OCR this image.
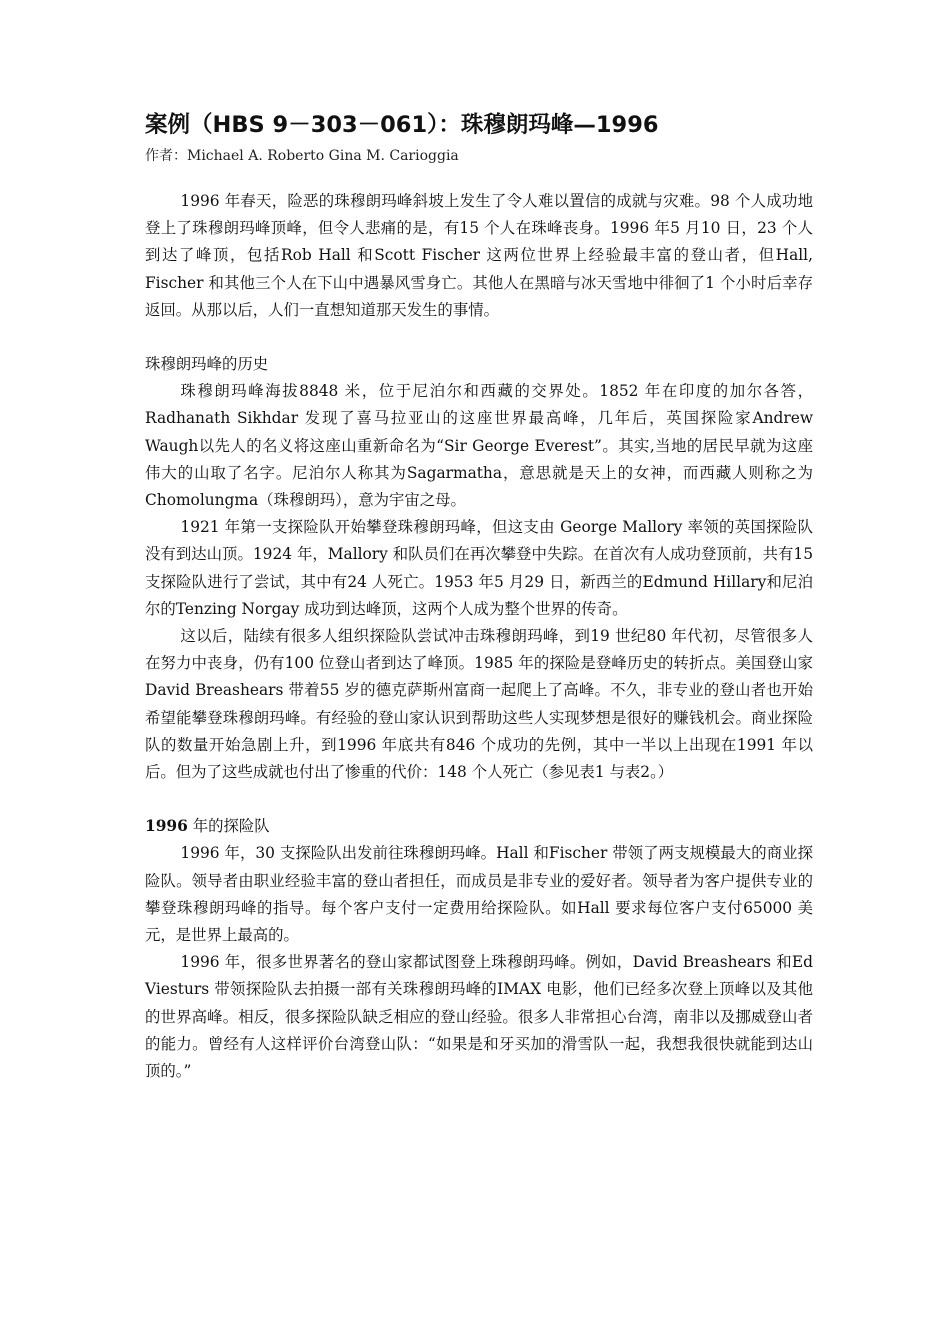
案例（HBS 9－303－061）：珠穆朗玛峰—1996
作者：Michael A. Roberto Gina M. Carioggia

1996 年春天，险恶的珠穆朗玛峰斜坡上发生了令人难以置信的成就与灾难。98 个人成功地登上了珠穆朗玛峰顶峰，但令人悲痛的是，有15 个人在珠峰丧身。1996 年5 月10 日，23 个人到达了峰顶，包括Rob Hall 和Scott Fischer 这两位世界上经验最丰富的登山者，但Hall, Fischer 和其他三个人在下山中遇暴风雪身亡。其他人在黑暗与冰天雪地中徘徊了1 个小时后幸存返回。从那以后，人们一直想知道那天发生的事情。

珠穆朗玛峰的历史

珠穆朗玛峰海拔8848 米，位于尼泊尔和西藏的交界处。1852 年在印度的加尔各答，Radhanath Sikhdar 发现了喜马拉亚山的这座世界最高峰，几年后，英国探险家Andrew Waugh以先人的名义将这座山重新命名为“Sir George Everest”。其实,当地的居民早就为这座伟大的山取了名字。尼泊尔人称其为Sagarmatha，意思就是天上的女神，而西藏人则称之为Chomolungma（珠穆朗玛），意为宇宙之母。

1921 年第一支探险队开始攀登珠穆朗玛峰，但这支由 George Mallory 率领的英国探险队没有到达山顶。1924 年，Mallory 和队员们在再次攀登中失踪。在首次有人成功登顶前，共有15 支探险队进行了尝试，其中有24 人死亡。1953 年5 月29 日，新西兰的Edmund Hillary和尼泊尔的Tenzing Norgay 成功到达峰顶，这两个人成为整个世界的传奇。

这以后，陆续有很多人组织探险队尝试冲击珠穆朗玛峰，到19 世纪80 年代初，尽管很多人在努力中丧身，仍有100 位登山者到达了峰顶。1985 年的探险是登峰历史的转折点。美国登山家David Breashears 带着55 岁的德克萨斯州富商一起爬上了高峰。不久，非专业的登山者也开始希望能攀登珠穆朗玛峰。有经验的登山家认识到帮助这些人实现梦想是很好的赚钱机会。商业探险队的数量开始急剧上升，到1996 年底共有846 个成功的先例，其中一半以上出现在1991 年以后。但为了这些成就也付出了惨重的代价：148 个人死亡（参见表1 与表2。）

1996 年的探险队

1996 年，30 支探险队出发前往珠穆朗玛峰。Hall 和Fischer 带领了两支规模最大的商业探险队。领导者由职业经验丰富的登山者担任，而成员是非专业的爱好者。领导者为客户提供专业的攀登珠穆朗玛峰的指导。每个客户支付一定费用给探险队。如Hall 要求每位客户支付65000 美元，是世界上最高的。

1996 年，很多世界著名的登山家都试图登上珠穆朗玛峰。例如，David Breashears 和Ed Viesturs 带领探险队去拍摄一部有关珠穆朗玛峰的IMAX 电影，他们已经多次登上顶峰以及其他的世界高峰。相反，很多探险队缺乏相应的登山经验。很多人非常担心台湾，南非以及挪威登山者的能力。曾经有人这样评价台湾登山队：“如果是和牙买加的滑雪队一起，我想我很快就能到达山顶的。”
